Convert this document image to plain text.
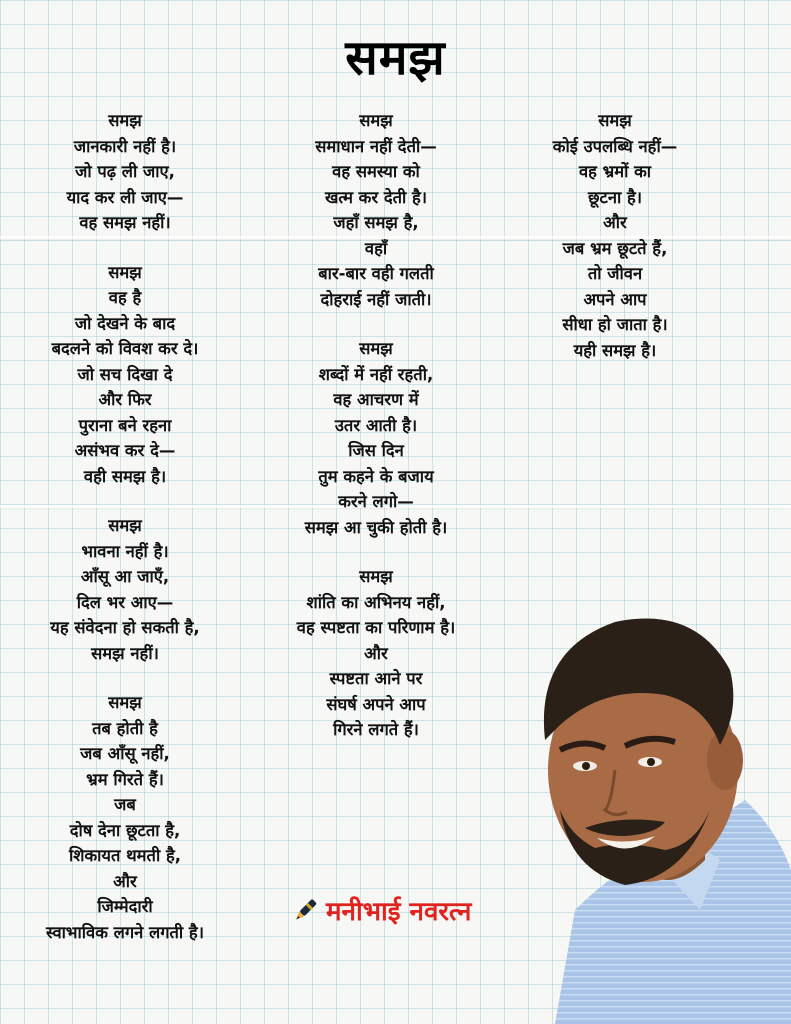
समझ
समझ
जानकारी नहीं है।
जो पढ़ ली जाए,
याद कर ली जाए—
वह समझ नहीं।
समझ
वह है
जो देखने के बाद
बदलने को विवश कर दे।
जो सच दिखा दे
और फिर
पुराना बने रहना
असंभव कर दे—
वही समझ है।
समझ
भावना नहीं है।
आँसू आ जाएँ,
दिल भर आए—
यह संवेदना हो सकती है,
समझ नहीं।
समझ
तब होती है
जब आँसू नहीं,
भ्रम गिरते हैं।
जब
दोष देना छूटता है,
शिकायत थमती है,
और
जिम्मेदारी
स्वाभाविक लगने लगती है।
समझ
समाधान नहीं देती—
वह समस्या को
खत्म कर देती है।
जहाँ समझ है,
वहाँ
बार-बार वही गलती
दोहराई नहीं जाती।
समझ
शब्दों में नहीं रहती,
वह आचरण में
उतर आती है।
जिस दिन
तुम कहने के बजाय
करने लगो—
समझ आ चुकी होती है।
समझ
शांति का अभिनय नहीं,
वह स्पष्टता का परिणाम है।
और
स्पष्टता आने पर
संघर्ष अपने आप
गिरने लगते हैं।
समझ
कोई उपलब्धि नहीं—
वह भ्रमों का
छूटना है।
और
जब भ्रम छूटते हैं,
तो जीवन
अपने आप
सीधा हो जाता है।
यही समझ है।
मनीभाई नवरत्न
